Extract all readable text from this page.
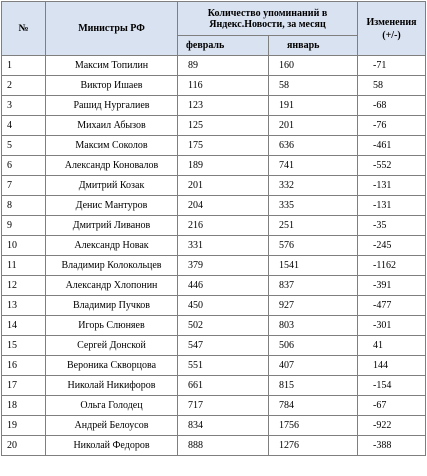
№	Министры РФ	Количество упоминаний в Яндекс.Новости, за месяц		Изменения (+/-)
		февраль	январь	
1	Максим Топилин	89	160	-71
2	Виктор Ишаев	116	58	58
3	Рашид Нургалиев	123	191	-68
4	Михаил Абызов	125	201	-76
5	Максим Соколов	175	636	-461
6	Александр Коновалов	189	741	-552
7	Дмитрий Козак	201	332	-131
8	Денис Мантуров	204	335	-131
9	Дмитрий Ливанов	216	251	-35
10	Александр Новак	331	576	-245
11	Владимир Колокольцев	379	1541	-1162
12	Александр Хлопонин	446	837	-391
13	Владимир Пучков	450	927	-477
14	Игорь Слюняев	502	803	-301
15	Сергей Донской	547	506	41
16	Вероника Скворцова	551	407	144
17	Николай Никифоров	661	815	-154
18	Ольга Голодец	717	784	-67
19	Андрей Белоусов	834	1756	-922
20	Николай Федоров	888	1276	-388
